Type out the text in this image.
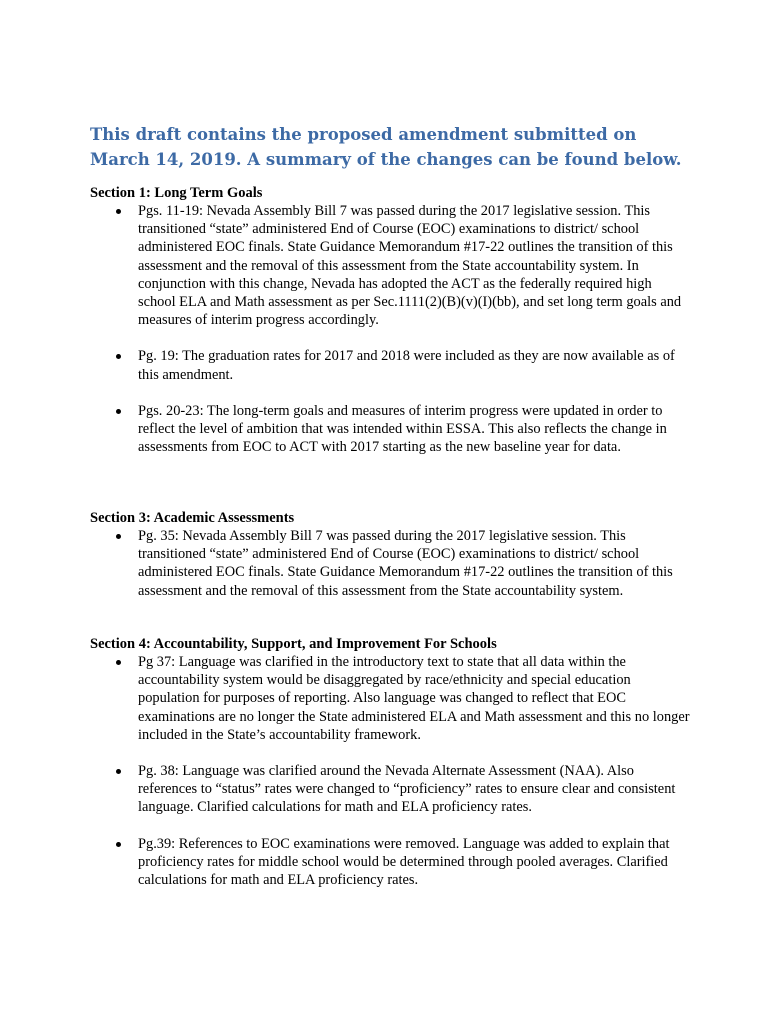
This draft contains the proposed amendment submitted on March 14, 2019. A summary of the changes can be found below.
Section 1: Long Term Goals
Pgs. 11-19: Nevada Assembly Bill 7 was passed during the 2017 legislative session. This transitioned “state” administered End of Course (EOC) examinations to district/ school administered EOC finals. State Guidance Memorandum #17-22 outlines the transition of this assessment and the removal of this assessment from the State accountability system. In conjunction with this change, Nevada has adopted the ACT as the federally required high school ELA and Math assessment as per Sec.1111(2)(B)(v)(I)(bb), and set long term goals and measures of interim progress accordingly.
Pg. 19: The graduation rates for 2017 and 2018 were included as they are now available as of this amendment.
Pgs. 20-23: The long-term goals and measures of interim progress were updated in order to reflect the level of ambition that was intended within ESSA. This also reflects the change in assessments from EOC to ACT with 2017 starting as the new baseline year for data.
Section 3: Academic Assessments
Pg. 35: Nevada Assembly Bill 7 was passed during the 2017 legislative session. This transitioned “state” administered End of Course (EOC) examinations to district/ school administered EOC finals. State Guidance Memorandum #17-22 outlines the transition of this assessment and the removal of this assessment from the State accountability system.
Section 4: Accountability, Support, and Improvement For Schools
Pg 37: Language was clarified in the introductory text to state that all data within the accountability system would be disaggregated by race/ethnicity and special education population for purposes of reporting. Also language was changed to reflect that EOC examinations are no longer the State administered ELA and Math assessment and this no longer included in the State’s accountability framework.
Pg. 38: Language was clarified around the Nevada Alternate Assessment (NAA). Also references to “status” rates were changed to “proficiency” rates to ensure clear and consistent language. Clarified calculations for math and ELA proficiency rates.
Pg.39: References to EOC examinations were removed. Language was added to explain that proficiency rates for middle school would be determined through pooled averages. Clarified calculations for math and ELA proficiency rates.
